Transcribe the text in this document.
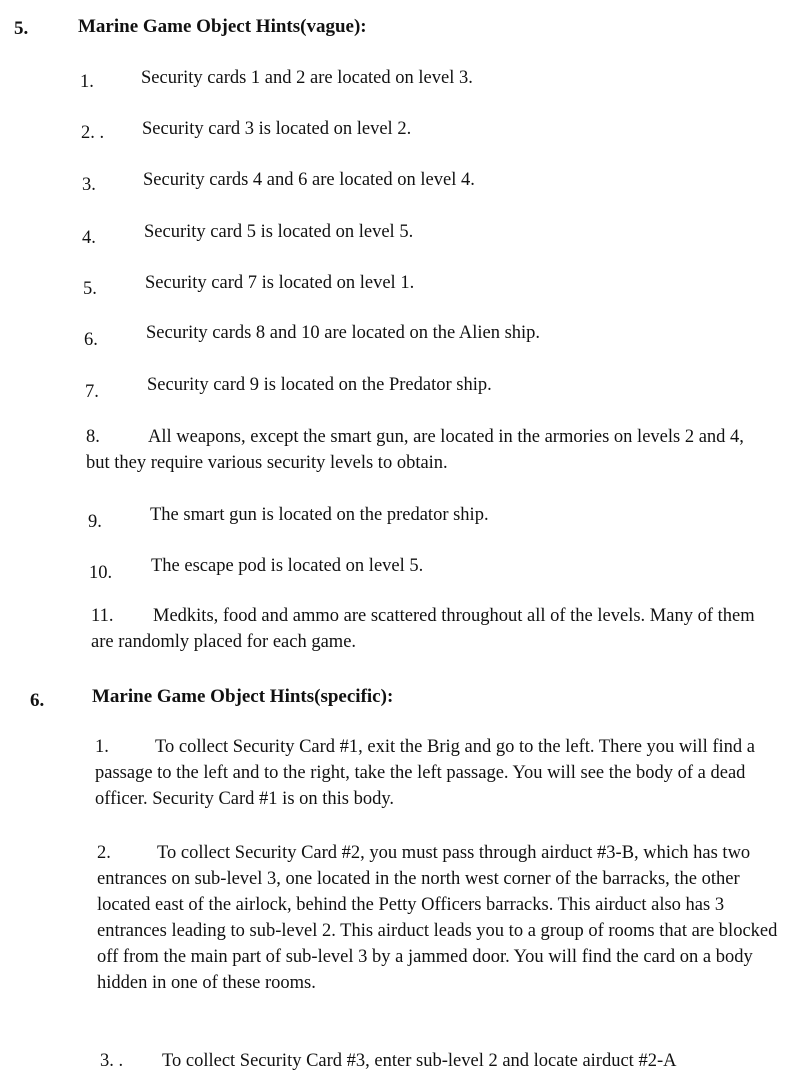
5.	Marine Game Object Hints(vague):
1.	Security cards 1 and 2 are located on level 3.
2. . Security card 3 is located on level 2.
3.	Security cards 4 and 6 are located on level 4.
4.	Security card 5 is located on level 5.
5.	Security card 7 is located on level 1.
6.	Security cards 8 and 10 are located on the Alien ship.
7.	Security card 9 is located on the Predator ship.
8.	All weapons, except the smart gun, are located in the armories on levels 2 and 4, but they require various security levels to obtain.
9.	The smart gun is located on the predator ship.
10. The escape pod is located on level 5.
11. Medkits, food and ammo are scattered throughout all of the levels. Many of them are randomly placed for each game.
6.	Marine Game Object Hints(specific):
1. To collect Security Card #1, exit the Brig and go to the left. There you will find a passage to the left and to the right, take the left passage. You will see the body of a dead officer. Security Card #1 is on this body.
2. To collect Security Card #2, you must pass through airduct #3-B, which has two entrances on sub-level 3, one located in the north west corner of the barracks, the other located east of the airlock, behind the Petty Officers barracks. This airduct also has 3 entrances leading to sub-level 2. This airduct leads you to a group of rooms that are blocked off from the main part of sub-level 3 by a jammed door. You will find the card on a body hidden in one of these rooms.
3. . To collect Security Card #3, enter sub-level 2 and locate airduct #2-A
